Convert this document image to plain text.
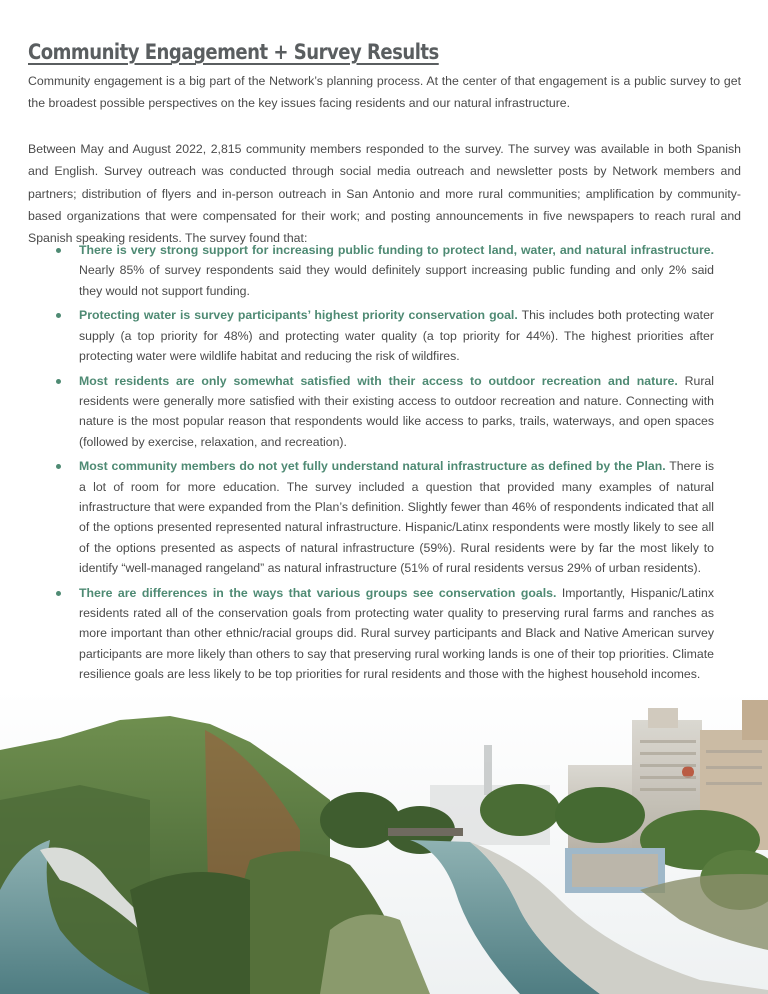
Community Engagement + Survey Results

Community engagement is a big part of the Network’s planning process. At the center of that engagement is a public survey to get the broadest possible perspectives on the key issues facing residents and our natural infrastructure.

Between May and August 2022, 2,815 community members responded to the survey. The survey was available in both Spanish and English. Survey outreach was conducted through social media outreach and newsletter posts by Network members and partners; distribution of flyers and in-person outreach in San Antonio and more rural communities; amplification by community-based organizations that were compensated for their work; and posting announcements in five newspapers to reach rural and Spanish speaking residents. The survey found that:

There is very strong support for increasing public funding to protect land, water, and natural infrastructure. Nearly 85% of survey respondents said they would definitely support increasing public funding and only 2% said they would not support funding.
Protecting water is survey participants’ highest priority conservation goal. This includes both protecting water supply (a top priority for 48%) and protecting water quality (a top priority for 44%). The highest priorities after protecting water were wildlife habitat and reducing the risk of wildfires.
Most residents are only somewhat satisfied with their access to outdoor recreation and nature. Rural residents were generally more satisfied with their existing access to outdoor recreation and nature. Connecting with nature is the most popular reason that respondents would like access to parks, trails, waterways, and open spaces (followed by exercise, relaxation, and recreation).
Most community members do not yet fully understand natural infrastructure as defined by the Plan. There is a lot of room for more education. The survey included a question that provided many examples of natural infrastructure that were expanded from the Plan’s definition. Slightly fewer than 46% of respondents indicated that all of the options presented represented natural infrastructure. Hispanic/Latinx respondents were mostly likely to see all of the options presented as aspects of natural infrastructure (59%). Rural residents were by far the most likely to identify “well-managed rangeland” as natural infrastructure (51% of rural residents versus 29% of urban residents).
There are differences in the ways that various groups see conservation goals. Importantly, Hispanic/Latinx residents rated all of the conservation goals from protecting water quality to preserving rural farms and ranches as more important than other ethnic/racial groups did. Rural survey participants and Black and Native American survey participants are more likely than others to say that preserving rural working lands is one of their top priorities. Climate resilience goals are less likely to be top priorities for rural residents and those with the highest household incomes.
